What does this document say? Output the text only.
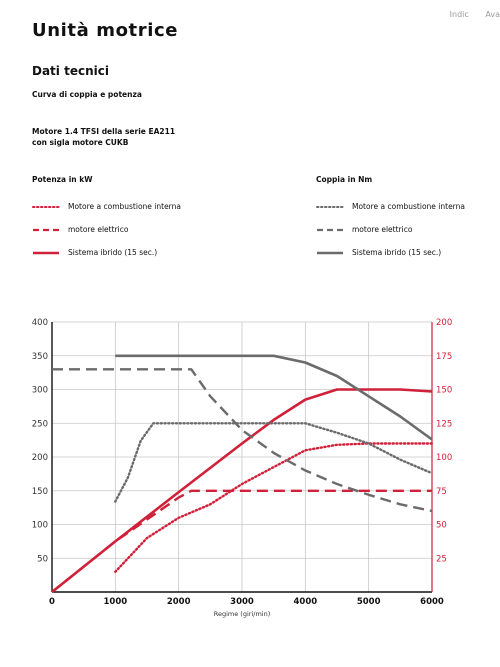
Indic Ava
Unità motrice
Dati tecnici
Curva di coppia e potenza
Motore 1.4 TFSI della serie EA211
con sigla motore CUKB
Potenza in kW
Motore a combustione interna
motore elettrico
Sistema ibrido (15 sec.)
Coppia in Nm
Motore a combustione interna
motore elettrico
Sistema ibrido (15 sec.)
50
100
150
200
250
300
350
400
25
50
75
100
125
150
175
200
0	1000	2000	3000	4000	5000	6000
Regime (giri/min)
